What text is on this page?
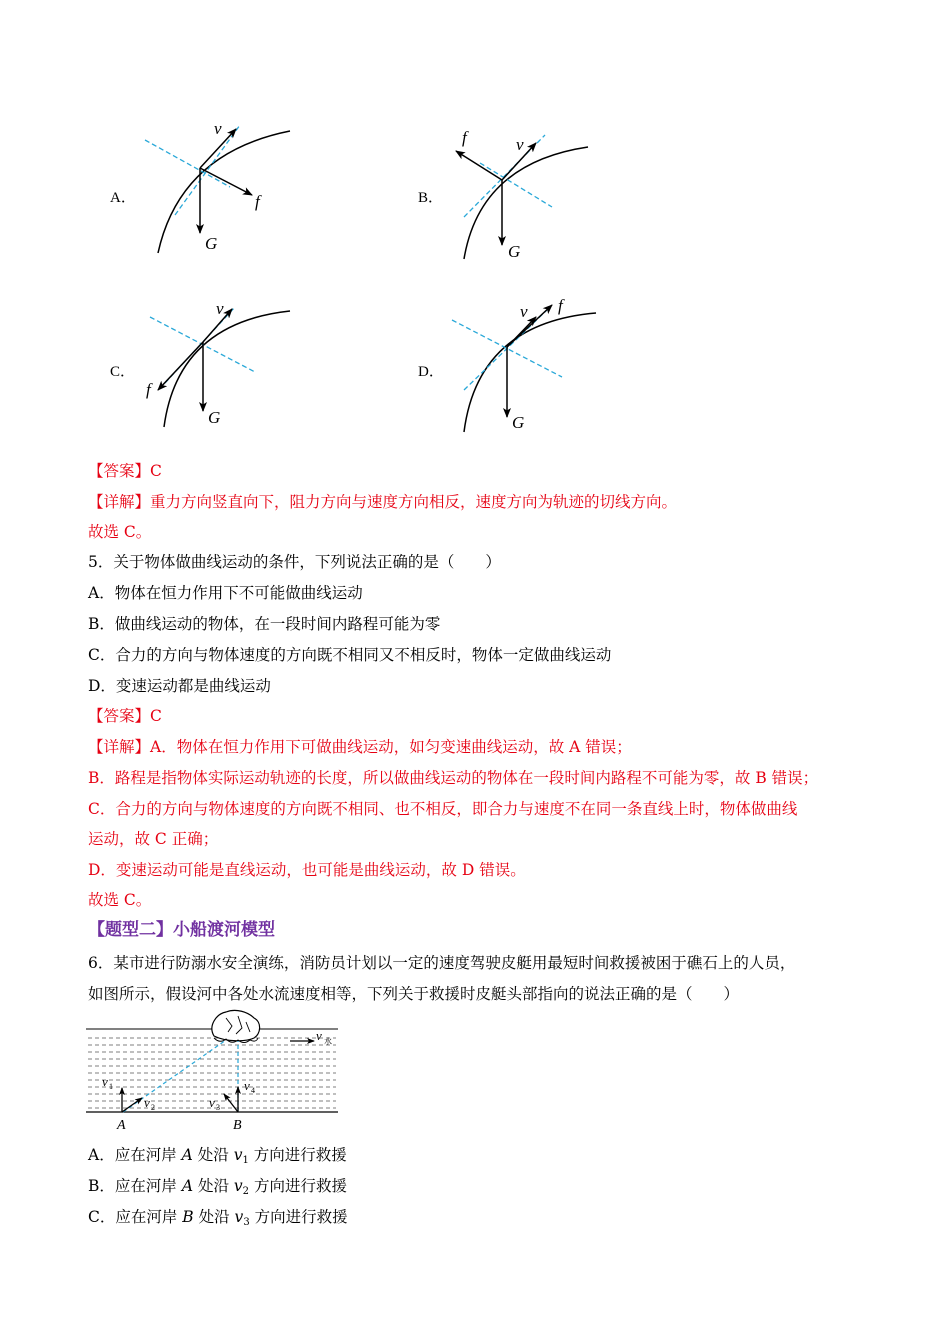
A．
v
f
G
B．
v
f
G
C．
v
f
G
D．
v f
G
【答案】C
【详解】重力方向竖直向下，阻力方向与速度方向相反，速度方向为轨迹的切线方向。
故选 C。
5．关于物体做曲线运动的条件，下列说法正确的是（　　）
A．物体在恒力作用下不可能做曲线运动
B．做曲线运动的物体，在一段时间内路程可能为零
C．合力的方向与物体速度的方向既不相同又不相反时，物体一定做曲线运动
D．变速运动都是曲线运动
【答案】C
【详解】A．物体在恒力作用下可做曲线运动，如匀变速曲线运动，故 A 错误；
B．路程是指物体实际运动轨迹的长度，所以做曲线运动的物体在一段时间内路程不可能为零，故 B 错误；
C．合力的方向与物体速度的方向既不相同、也不相反，即合力与速度不在同一条直线上时，物体做曲线
运动，故 C 正确；
D．变速运动可能是直线运动，也可能是曲线运动，故 D 错误。
故选 C。
【题型二】小船渡河模型
6．某市进行防溺水安全演练，消防员计划以一定的速度驾驶皮艇用最短时间救援被困于礁石上的人员，
如图所示，假设河中各处水流速度相等，下列关于救援时皮艇头部指向的说法正确的是（　　）
v 水
v 1
v 2	v 3
v 4
A	B
A．应在河岸 A 处沿 $v_1$ 方向进行救援
B．应在河岸 A 处沿 $v_2$ 方向进行救援
C．应在河岸 B 处沿 $v_3$ 方向进行救援
